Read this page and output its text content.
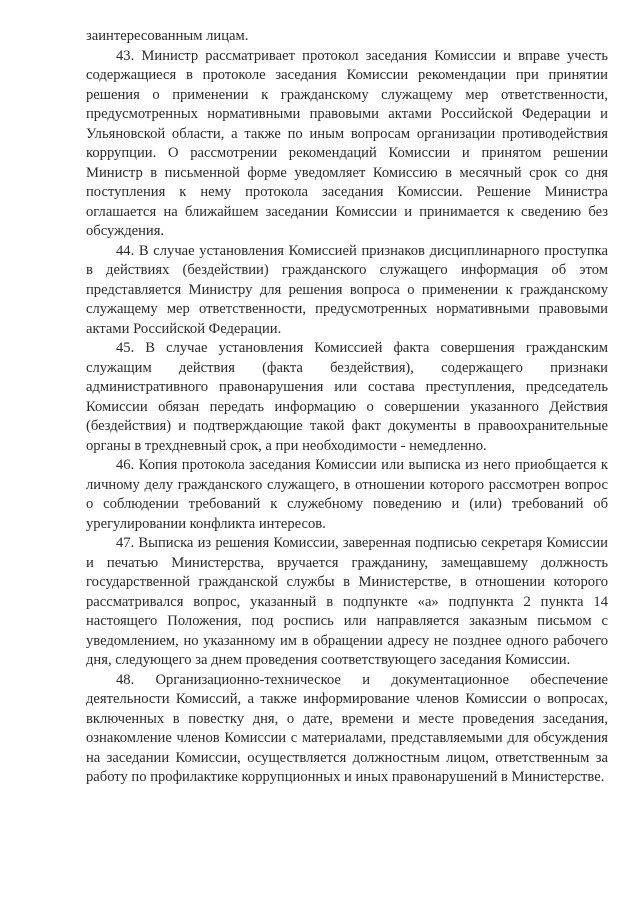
заинтересованным лицам.

43. Министр рассматривает протокол заседания Комиссии и вправе учесть содержащиеся в протоколе заседания Комиссии рекомендации при принятии решения о применении к гражданскому служащему мер ответственности, предусмотренных нормативными правовыми актами Российской Федерации и Ульяновской области, а также по иным вопросам организации противодействия коррупции. О рассмотрении рекомендаций Комиссии и принятом решении Министр в письменной форме уведомляет Комиссию в месячный срок со дня поступления к нему протокола заседания Комиссии. Решение Министра оглашается на ближайшем заседании Комиссии и принимается к сведению без обсуждения.

44. В случае установления Комиссией признаков дисциплинарного проступка в действиях (бездействии) гражданского служащего информация об этом представляется Министру для решения вопроса о применении к гражданскому служащему мер ответственности, предусмотренных нормативными правовыми актами Российской Федерации.

45. В случае установления Комиссией факта совершения гражданским служащим действия (факта бездействия), содержащего признаки административного правонарушения или состава преступления, председатель Комиссии обязан передать информацию о совершении указанного Действия (бездействия) и подтверждающие такой факт документы в правоохранительные органы в трехдневный срок, а при необходимости - немедленно.

46. Копия протокола заседания Комиссии или выписка из него приобщается к личному делу гражданского служащего, в отношении которого рассмотрен вопрос о соблюдении требований к служебному поведению и (или) требований об урегулировании конфликта интересов.

47. Выписка из решения Комиссии, заверенная подписью секретаря Комиссии и печатью Министерства, вручается гражданину, замещавшему должность государственной гражданской службы в Министерстве, в отношении которого рассматривался вопрос, указанный в подпункте «а» подпункта 2 пункта 14 настоящего Положения, под роспись или направляется заказным письмом с уведомлением, но указанному им в обращении адресу не позднее одного рабочего дня, следующего за днем проведения соответствующего заседания Комиссии.

48. Организационно-техническое и документационное обеспечение деятельности Комиссий, а также информирование членов Комиссии о вопросах, включенных в повестку дня, о дате, времени и месте проведения заседания, ознакомление членов Комиссии с материалами, представляемыми для обсуждения на заседании Комиссии, осуществляется должностным лицом, ответственным за работу по профилактике коррупционных и иных правонарушений в Министерстве.
